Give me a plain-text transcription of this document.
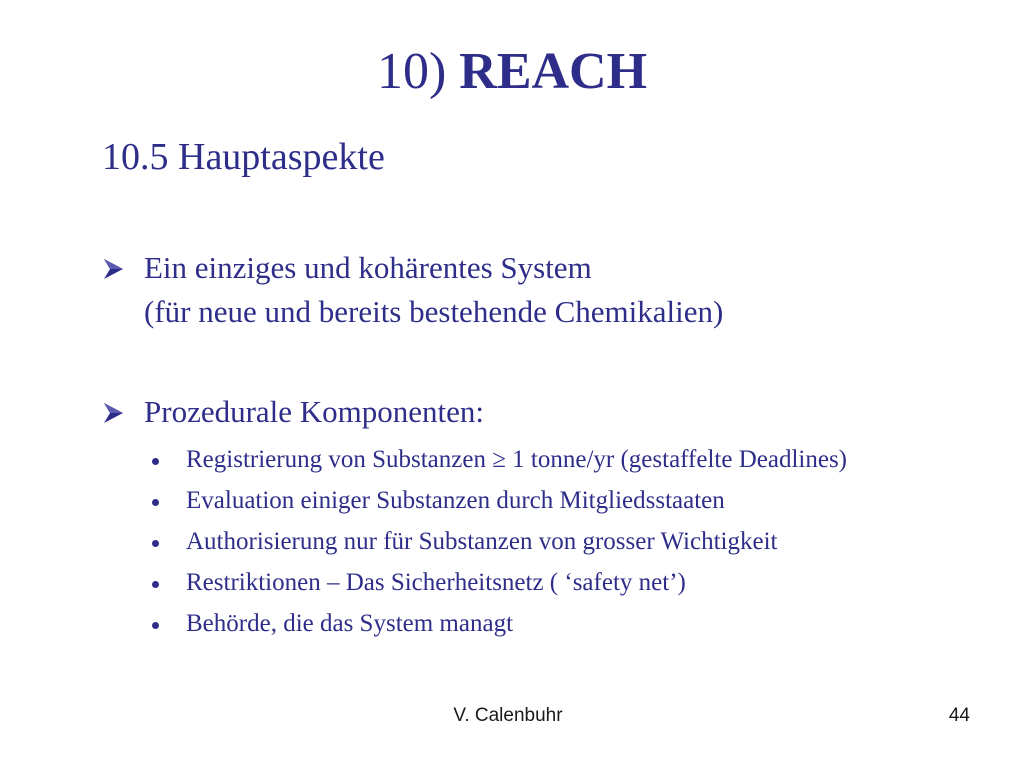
10) REACH
10.5 Hauptaspekte
Ein einziges und kohärentes System
(für neue und bereits bestehende Chemikalien)
Prozedurale Komponenten:
Registrierung von Substanzen ≥ 1 tonne/yr (gestaffelte Deadlines)
Evaluation einiger Substanzen durch Mitgliedsstaaten
Authorisierung nur für Substanzen von grosser Wichtigkeit
Restriktionen – Das Sicherheitsnetz ( ‘safety net’)
Behörde, die das System managt
V. Calenbuhr	44
